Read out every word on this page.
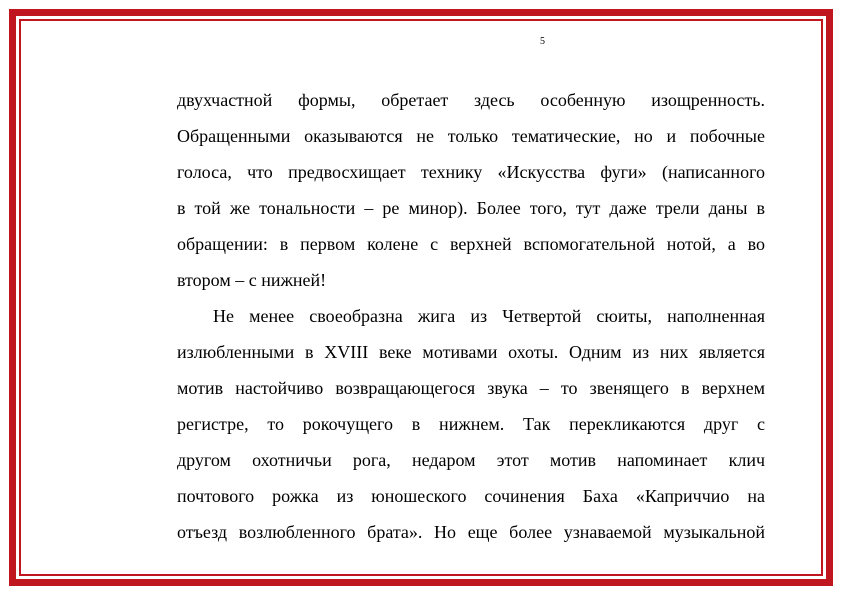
5
двухчастной формы, обретает здесь особенную изощренность.
Обращенными оказываются не только тематические, но и побочные
голоса, что предвосхищает технику «Искусства фуги» (написанного
в той же тональности – ре минор). Более того, тут даже трели даны в
обращении: в первом колене с верхней вспомогательной нотой, а во
втором – с нижней!
Не менее своеобразна жига из Четвертой сюиты, наполненная
излюбленными в XVIII веке мотивами охоты. Одним из них является
мотив настойчиво возвращающегося звука – то звенящего в верхнем
регистре, то рокочущего в нижнем. Так перекликаются друг с
другом охотничьи рога, недаром этот мотив напоминает клич
почтового рожка из юношеского сочинения Баха «Каприччио на
отъезд возлюбленного брата». Но еще более узнаваемой музыкальной
